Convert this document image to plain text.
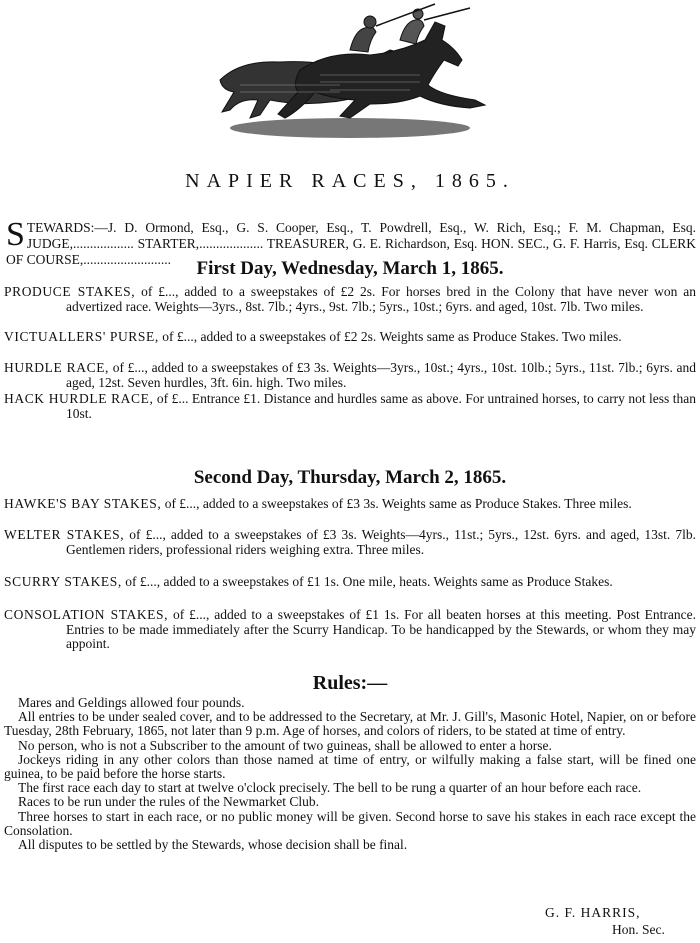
NAPIER RACES, 1865.
STEWARDS:—J. D. Ormond, Esq., G. S. Cooper, Esq., T. Powdrell, Esq., W. Rich, Esq.; F. M. Chapman, Esq. JUDGE,.................. STARTER,................... TREASURER, G. E. Richardson, Esq. HON. SEC., G. F. Harris, Esq. CLERK OF COURSE,..........................	First Day, Wednesday, March 1, 1865.
PRODUCE STAKES, of £..., added to a sweepstakes of £2 2s. For horses bred in the Colony that have never won an advertized race. Weights—3yrs., 8st. 7lb.; 4yrs., 9st. 7lb.; 5yrs., 10st.; 6yrs. and aged, 10st. 7lb. Two miles.
VICTUALLERS' PURSE, of £..., added to a sweepstakes of £2 2s. Weights same as Produce Stakes. Two miles.
HURDLE RACE, of £..., added to a sweepstakes of £3 3s. Weights—3yrs., 10st.; 4yrs., 10st. 10lb.; 5yrs., 11st. 7lb.; 6yrs. and aged, 12st. Seven hurdles, 3ft. 6in. high. Two miles.
HACK HURDLE RACE, of £... Entrance £1. Distance and hurdles same as above. For untrained horses, to carry not less than 10st.
Second Day, Thursday, March 2, 1865.
HAWKE'S BAY STAKES, of £..., added to a sweepstakes of £3 3s. Weights same as Produce Stakes. Three miles.
WELTER STAKES, of £..., added to a sweepstakes of £3 3s. Weights—4yrs., 11st.; 5yrs., 12st. 6yrs. and aged, 13st. 7lb. Gentlemen riders, professional riders weighing extra. Three miles.
SCURRY STAKES, of £..., added to a sweepstakes of £1 1s. One mile, heats. Weights same as Produce Stakes.
CONSOLATION STAKES, of £..., added to a sweepstakes of £1 1s. For all beaten horses at this meeting. Post Entrance. Entries to be made immediately after the Scurry Handicap. To be handicapped by the Stewards, or whom they may appoint.
Rules:—

Mares and Geldings allowed four pounds.

All entries to be under sealed cover, and to be addressed to the Secretary, at Mr. J. Gill's, Masonic Hotel, Napier, on or before Tuesday, 28th February, 1865, not later than 9 p.m. Age of horses, and colors of riders, to be stated at time of entry.

No person, who is not a Subscriber to the amount of two guineas, shall be allowed to enter a horse.

Jockeys riding in any other colors than those named at time of entry, or wilfully making a false start, will be fined one guinea, to be paid before the horse starts.

The first race each day to start at twelve o'clock precisely. The bell to be rung a quarter of an hour before each race.

Races to be run under the rules of the Newmarket Club.

Three horses to start in each race, or no public money will be given. Second horse to save his stakes in each race except the Consolation.

All disputes to be settled by the Stewards, whose decision shall be final.

G. F. HARRIS,
Hon. Sec.
